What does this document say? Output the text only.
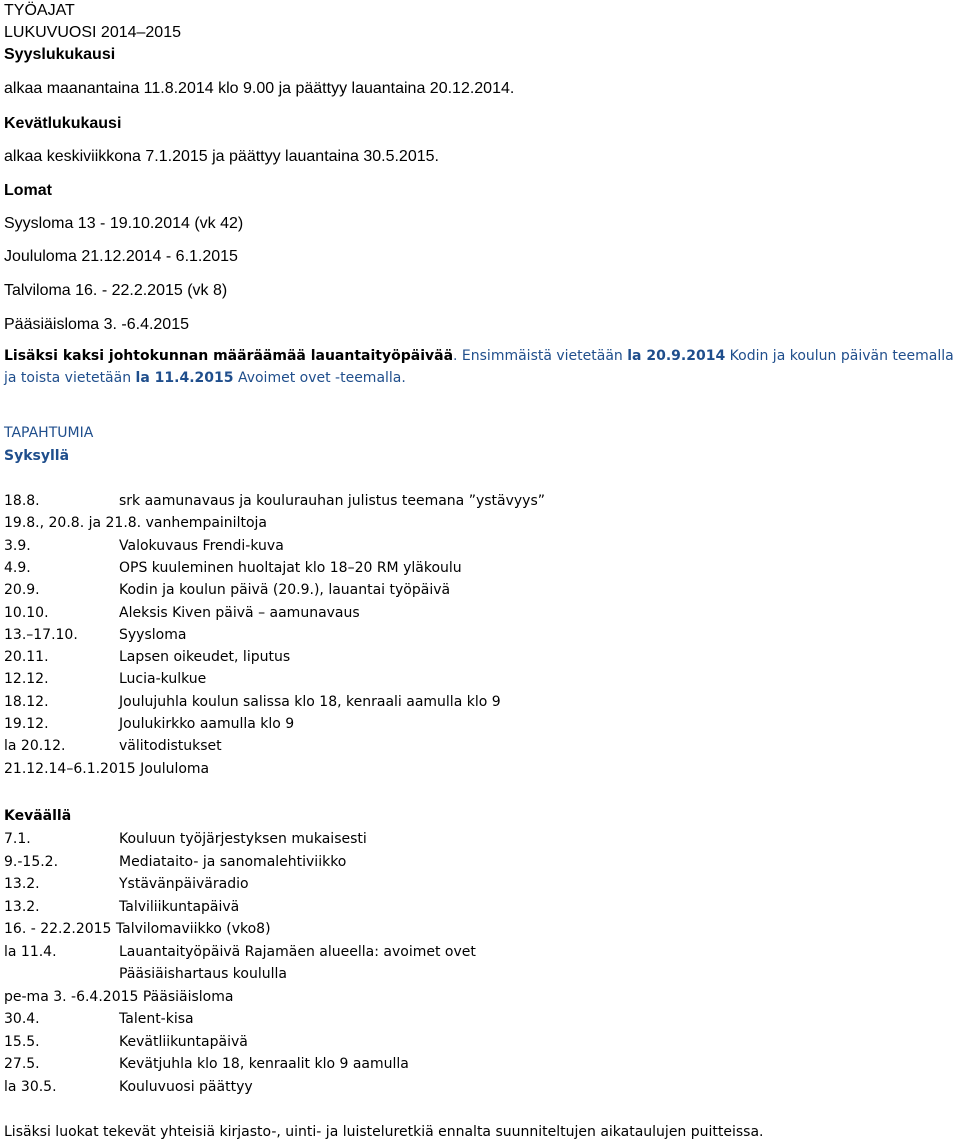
TYÖAJAT
LUKUVUOSI 2014–2015
Syyslukukausi
alkaa maanantaina 11.8.2014 klo 9.00 ja päättyy lauantaina 20.12.2014.
Kevätlukukausi
alkaa keskiviikkona 7.1.2015 ja päättyy lauantaina 30.5.2015.
Lomat
Syysloma 13 - 19.10.2014 (vk 42)
Joululoma 21.12.2014 - 6.1.2015
Talviloma 16. - 22.2.2015 (vk 8)
Pääsiäisloma 3. -6.4.2015
Lisäksi kaksi johtokunnan määräämää lauantaityöpäivää. Ensimmäistä vietetään la 20.9.2014 Kodin ja koulun päivän teemalla
ja toista vietetään la 11.4.2015 Avoimet ovet -teemalla.
TAPAHTUMIA
Syksyllä
18.8.	srk aamunavaus ja koulurauhan julistus teemana ”ystävyys”
19.8., 20.8. ja 21.8. vanhempainiltoja
3.9.	Valokuvaus Frendi-kuva
4.9.	OPS kuuleminen huoltajat klo 18–20 RM yläkoulu
20.9.	Kodin ja koulun päivä (20.9.), lauantai työpäivä
10.10.	Aleksis Kiven päivä – aamunavaus
13.–17.10.	Syysloma
20.11.	Lapsen oikeudet, liputus
12.12.	Lucia-kulkue
18.12.	Joulujuhla koulun salissa klo 18, kenraali aamulla klo 9
19.12.	Joulukirkko aamulla klo 9
la 20.12.	välitodistukset
21.12.14–6.1.2015 Joululoma
Keväällä
7.1.	Kouluun työjärjestyksen mukaisesti
9.-15.2.	Mediataito- ja sanomalehtiviikko
13.2.	Ystävänpäiväradio
13.2.	Talviliikuntapäivä
16. - 22.2.2015 Talvilomaviikko (vko8)
la 11.4.	Lauantaityöpäivä Rajamäen alueella: avoimet ovet
Pääsiäishartaus koululla
pe-ma 3. -6.4.2015 Pääsiäisloma
30.4.	Talent-kisa
15.5.	Kevätliikuntapäivä
27.5.	Kevätjuhla klo 18, kenraalit klo 9 aamulla
la 30.5.	Kouluvuosi päättyy
Lisäksi luokat tekevät yhteisiä kirjasto-, uinti- ja luisteluretkiä ennalta suunniteltujen aikataulujen puitteissa.
